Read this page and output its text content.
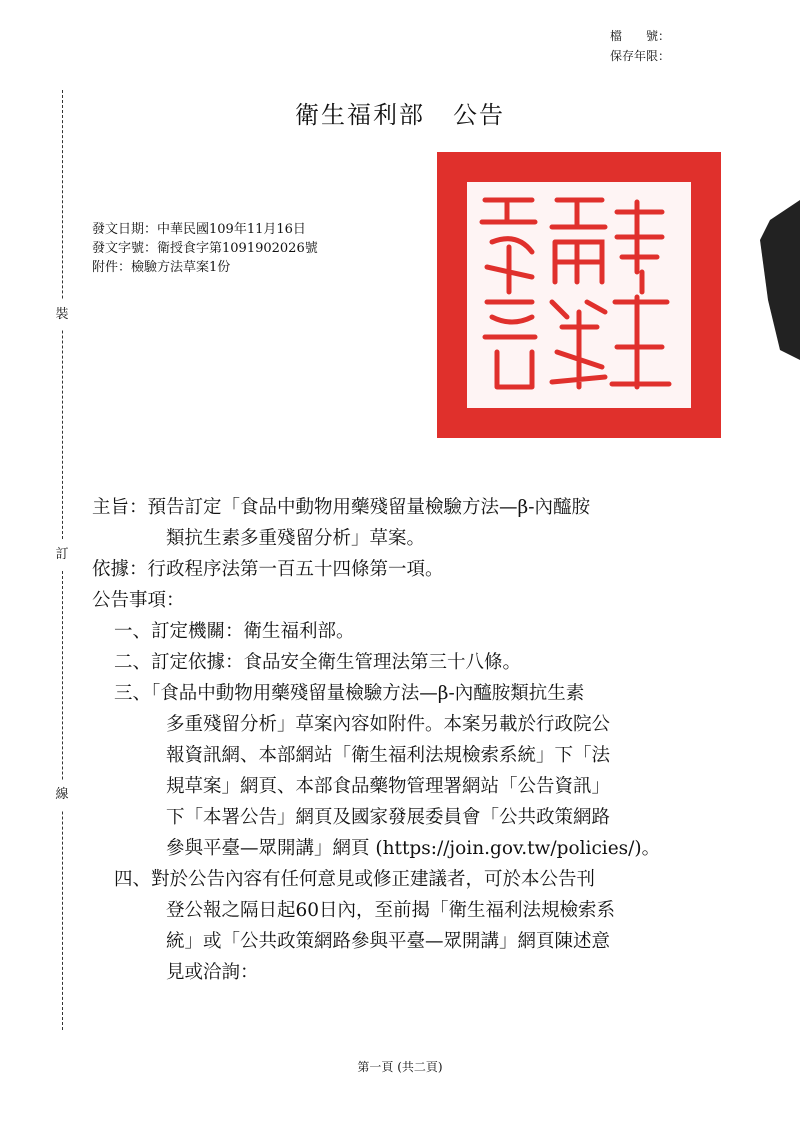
檔　　號：
保存年限：
裝
訂
線
衛生福利部 公告
發文日期：中華民國109年11月16日
發文字號：衛授食字第1091902026號
附件：檢驗方法草案1份
主旨：預告訂定「食品中動物用藥殘留量檢驗方法—β-內醯胺
類抗生素多重殘留分析」草案。
依據：行政程序法第一百五十四條第一項。
公告事項：
一、訂定機關：衛生福利部。
二、訂定依據：食品安全衛生管理法第三十八條。
三、「食品中動物用藥殘留量檢驗方法—β-內醯胺類抗生素
多重殘留分析」草案內容如附件。本案另載於行政院公
報資訊網、本部網站「衛生福利法規檢索系統」下「法
規草案」網頁、本部食品藥物管理署網站「公告資訊」
下「本署公告」網頁及國家發展委員會「公共政策網路
參與平臺—眾開講」網頁 (https://join.gov.tw/policies/)。
四、對於公告內容有任何意見或修正建議者，可於本公告刊
登公報之隔日起60日內，至前揭「衛生福利法規檢索系
統」或「公共政策網路參與平臺—眾開講」網頁陳述意
見或洽詢：
第一頁 (共二頁)
